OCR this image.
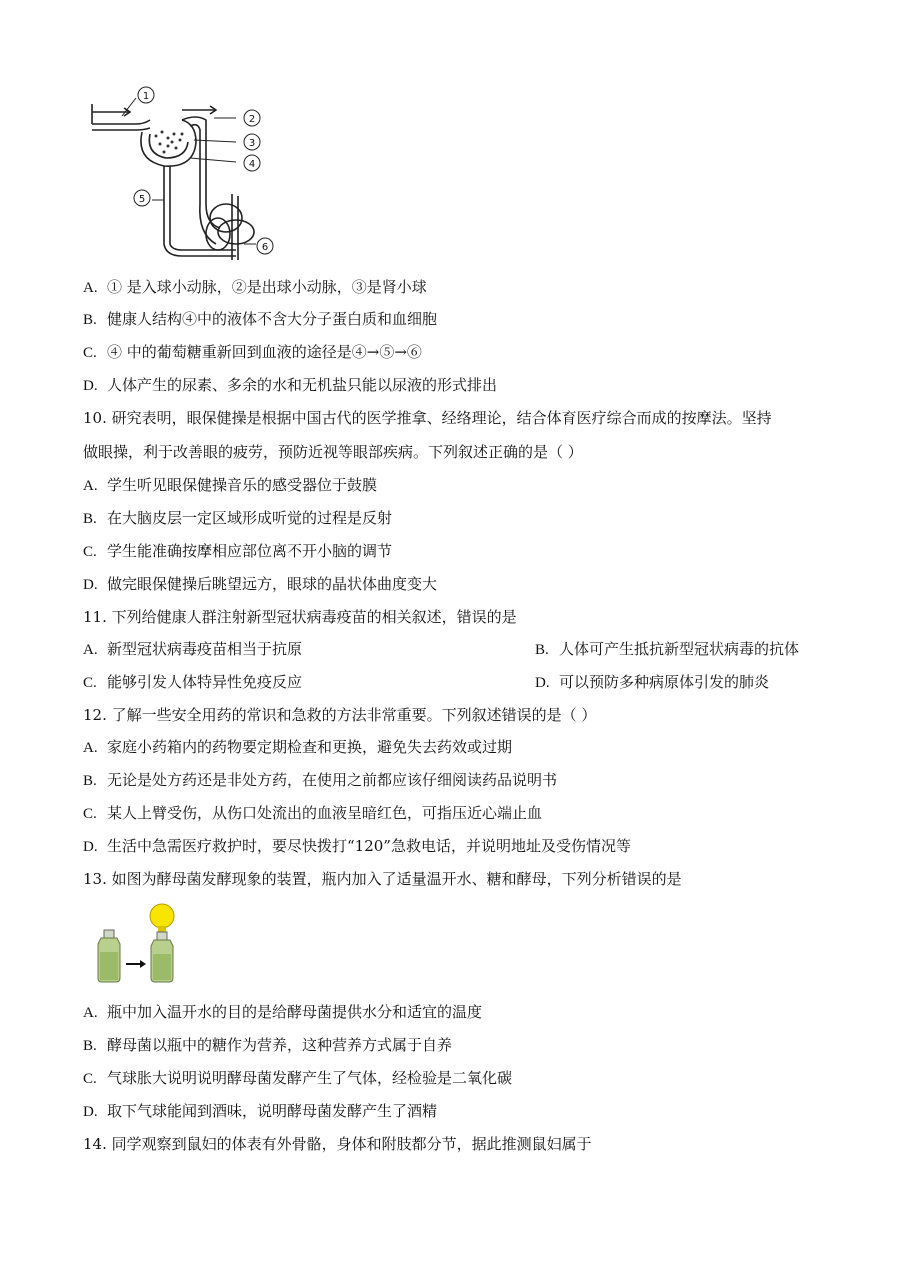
1
2
3
4
5
6
A. ① 是入球小动脉，②是出球小动脉，③是肾小球
B. 健康人结构④中的液体不含大分子蛋白质和血细胞
C. ④ 中的葡萄糖重新回到血液的途径是④→⑤→⑥
D. 人体产生的尿素、多余的水和无机盐只能以尿液的形式排出
10. 研究表明，眼保健操是根据中国古代的医学推拿、经络理论，结合体育医疗综合而成的按摩法。坚持
做眼操，利于改善眼的疲劳，预防近视等眼部疾病。下列叙述正确的是（ ）
A. 学生听见眼保健操音乐的感受器位于鼓膜
B. 在大脑皮层一定区域形成听觉的过程是反射
C. 学生能准确按摩相应部位离不开小脑的调节
D. 做完眼保健操后眺望远方，眼球的晶状体曲度变大
11. 下列给健康人群注射新型冠状病毒疫苗的相关叙述，错误的是
A. 新型冠状病毒疫苗相当于抗原	B. 人体可产生抵抗新型冠状病毒的抗体
C. 能够引发人体特异性免疫反应	D. 可以预防多种病原体引发的肺炎
12. 了解一些安全用药的常识和急救的方法非常重要。下列叙述错误的是（ ）
A. 家庭小药箱内的药物要定期检查和更换，避免失去药效或过期
B. 无论是处方药还是非处方药，在使用之前都应该仔细阅读药品说明书
C. 某人上臂受伤，从伤口处流出的血液呈暗红色，可指压近心端止血
D. 生活中急需医疗救护时，要尽快拨打“120”急救电话，并说明地址及受伤情况等
13. 如图为酵母菌发酵现象的装置，瓶内加入了适量温开水、糖和酵母，下列分析错误的是
A. 瓶中加入温开水的目的是给酵母菌提供水分和适宜的温度
B. 酵母菌以瓶中的糖作为营养，这种营养方式属于自养
C. 气球胀大说明说明酵母菌发酵产生了气体，经检验是二氧化碳
D. 取下气球能闻到酒味，说明酵母菌发酵产生了酒精
14. 同学观察到鼠妇的体表有外骨骼，身体和附肢都分节，据此推测鼠妇属于
